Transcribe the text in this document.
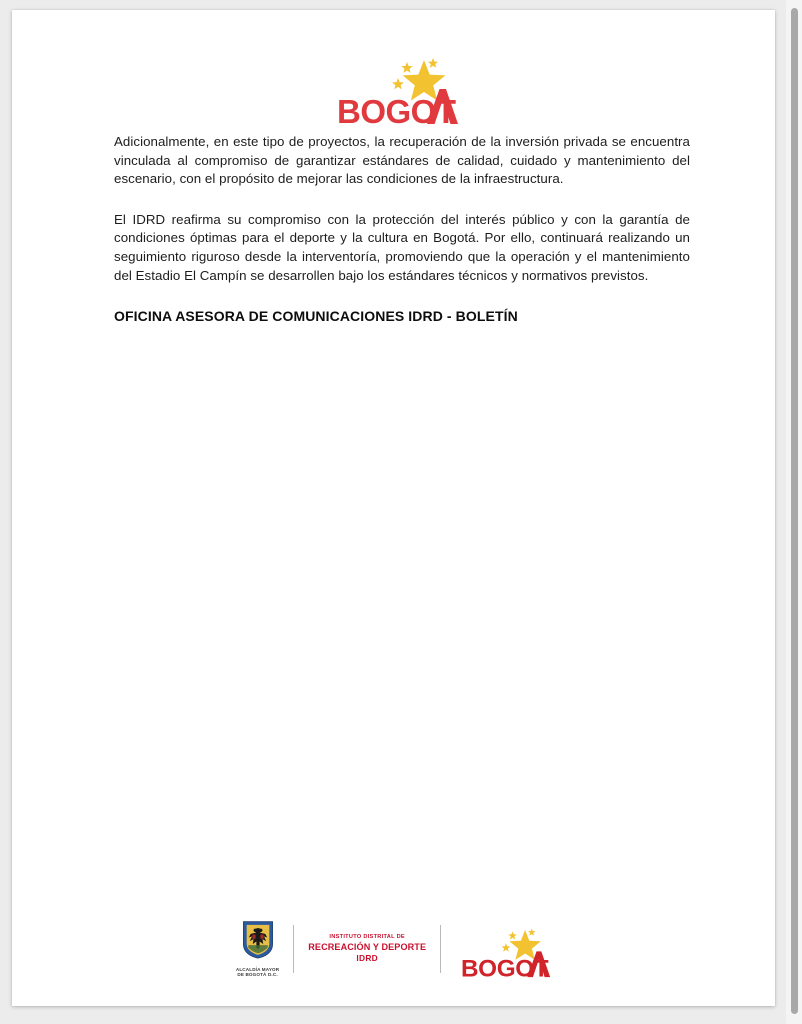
BOGOT

Adicionalmente, en este tipo de proyectos, la recuperación de la inversión privada se encuentra vinculada al compromiso de garantizar estándares de calidad, cuidado y mantenimiento del escenario, con el propósito de mejorar las condiciones de la infraestructura.

El IDRD reafirma su compromiso con la protección del interés público y con la garantía de condiciones óptimas para el deporte y la cultura en Bogotá. Por ello, continuará realizando un seguimiento riguroso desde la interventoría, promoviendo que la operación y el mantenimiento del Estadio El Campín se desarrollen bajo los estándares técnicos y normativos previstos.

OFICINA ASESORA DE COMUNICACIONES IDRD - BOLETÍN

ALCALDÍA MAYOR
DE BOGOTÁ D.C.
INSTITUTO DISTRITAL DE
RECREACIÓN Y DEPORTE
IDRD	BOGOT
